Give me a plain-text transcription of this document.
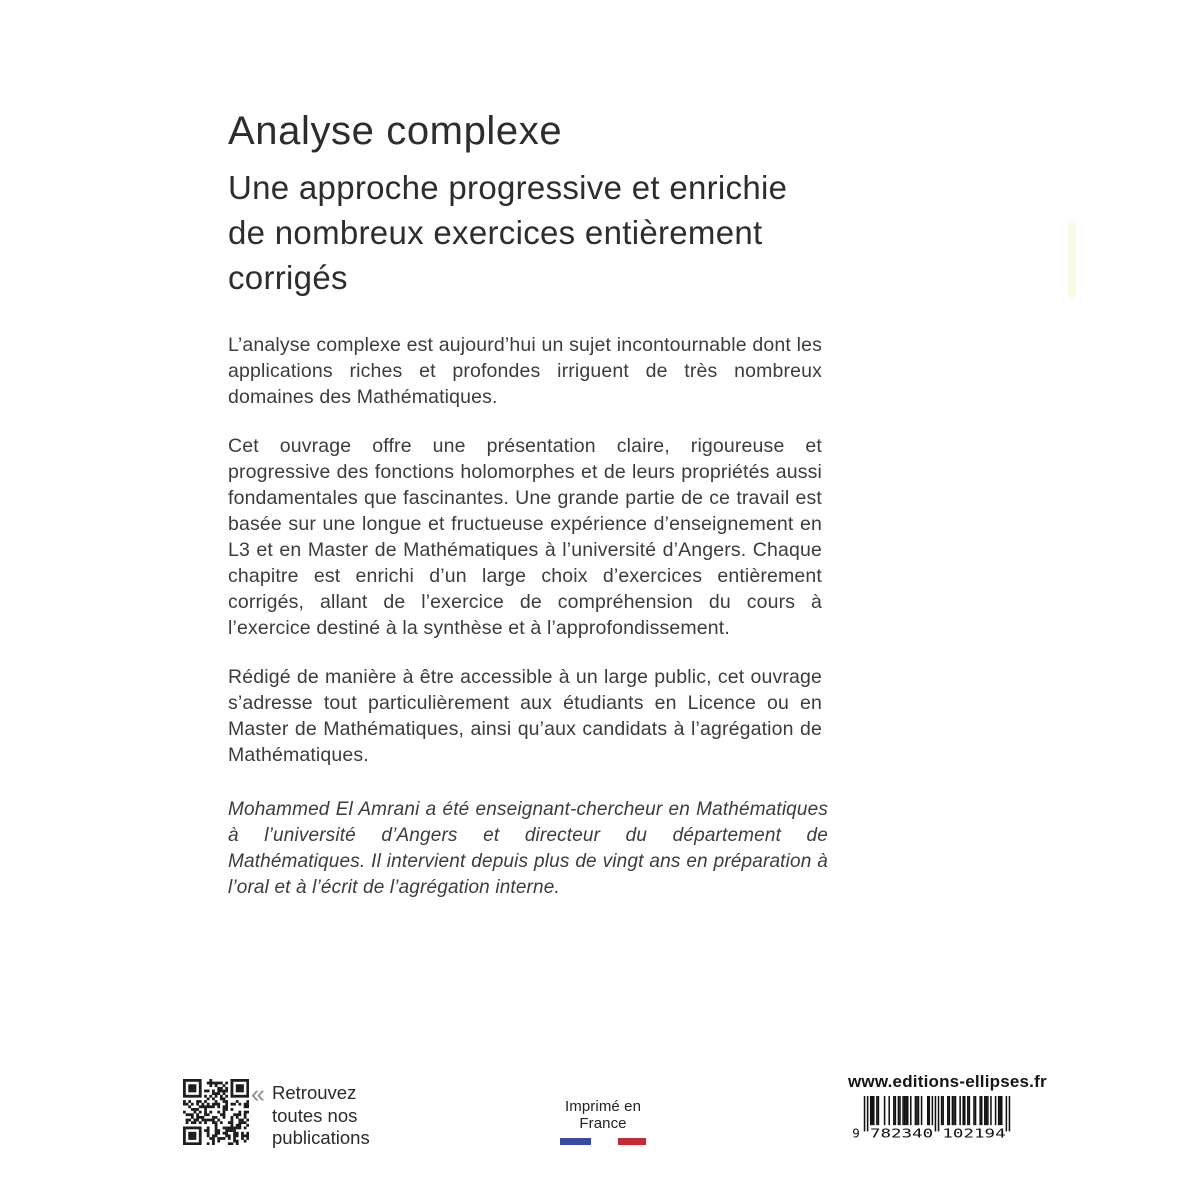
Analyse complexe
Une approche progressive et enrichie
de nombreux exercices entièrement
corrigés

L’analyse complexe est aujourd’hui un sujet incontournable dont les applications riches et profondes irriguent de très nombreux domaines des Mathématiques.

Cet ouvrage offre une présentation claire, rigoureuse et progressive des fonctions holomorphes et de leurs propriétés aussi fondamentales que fascinantes. Une grande partie de ce travail est basée sur une longue et fructueuse expérience d’enseignement en L3 et en Master de Mathématiques à l’université d’Angers. Chaque chapitre est enrichi d’un large choix d’exercices entièrement corrigés, allant de l’exercice de compréhension du cours à l’exercice destiné à la synthèse et à l’approfondissement.

Rédigé de manière à être accessible à un large public, cet ouvrage s’adresse tout particulièrement aux étudiants en Licence ou en Master de Mathématiques, ainsi qu’aux candidats à l’agrégation de Mathématiques.

Mohammed El Amrani a été enseignant-chercheur en Mathématiques à l’université d’Angers et directeur du département de Mathématiques. Il intervient depuis plus de vingt ans en préparation à l’oral et à l’écrit de l’agrégation interne.
« Retrouvez
toutes nos
publications
Imprimé en France
www.editions-ellipses.fr
9 782340 102194
